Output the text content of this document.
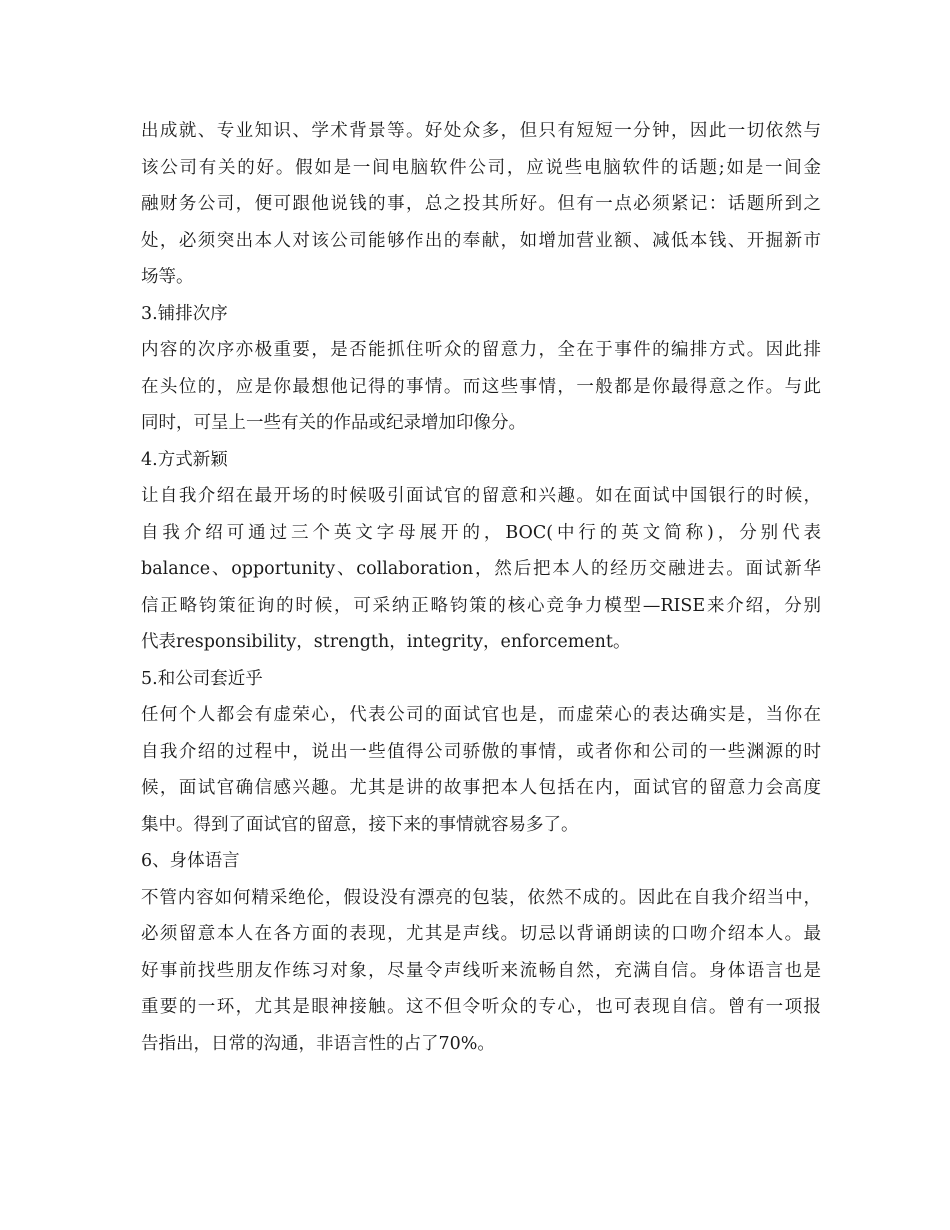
出成就、专业知识、学术背景等。好处众多，但只有短短一分钟，因此一切依然与
该公司有关的好。假如是一间电脑软件公司，应说些电脑软件的话题;如是一间金
融财务公司，便可跟他说钱的事，总之投其所好。但有一点必须紧记：话题所到之
处，必须突出本人对该公司能够作出的奉献，如增加营业额、减低本钱、开掘新市
场等。
3.铺排次序
内容的次序亦极重要，是否能抓住听众的留意力，全在于事件的编排方式。因此排
在头位的，应是你最想他记得的事情。而这些事情，一般都是你最得意之作。与此
同时，可呈上一些有关的作品或纪录增加印像分。
4.方式新颖
让自我介绍在最开场的时候吸引面试官的留意和兴趣。如在面试中国银行的时候，
自我介绍可通过三个英文字母展开的，BOC(中行的英文简称)，分别代表
balance、opportunity、collaboration，然后把本人的经历交融进去。面试新华
信正略钧策征询的时候，可采纳正略钧策的核心竞争力模型—RISE来介绍，分别
代表responsibility，strength，integrity，enforcement。
5.和公司套近乎
任何个人都会有虚荣心，代表公司的面试官也是，而虚荣心的表达确实是，当你在
自我介绍的过程中，说出一些值得公司骄傲的事情，或者你和公司的一些渊源的时
候，面试官确信感兴趣。尤其是讲的故事把本人包括在内，面试官的留意力会高度
集中。得到了面试官的留意，接下来的事情就容易多了。
6、身体语言
不管内容如何精采绝伦，假设没有漂亮的包装，依然不成的。因此在自我介绍当中，
必须留意本人在各方面的表现，尤其是声线。切忌以背诵朗读的口吻介绍本人。最
好事前找些朋友作练习对象，尽量令声线听来流畅自然，充满自信。身体语言也是
重要的一环，尤其是眼神接触。这不但令听众的专心，也可表现自信。曾有一项报
告指出，日常的沟通，非语言性的占了70%。
